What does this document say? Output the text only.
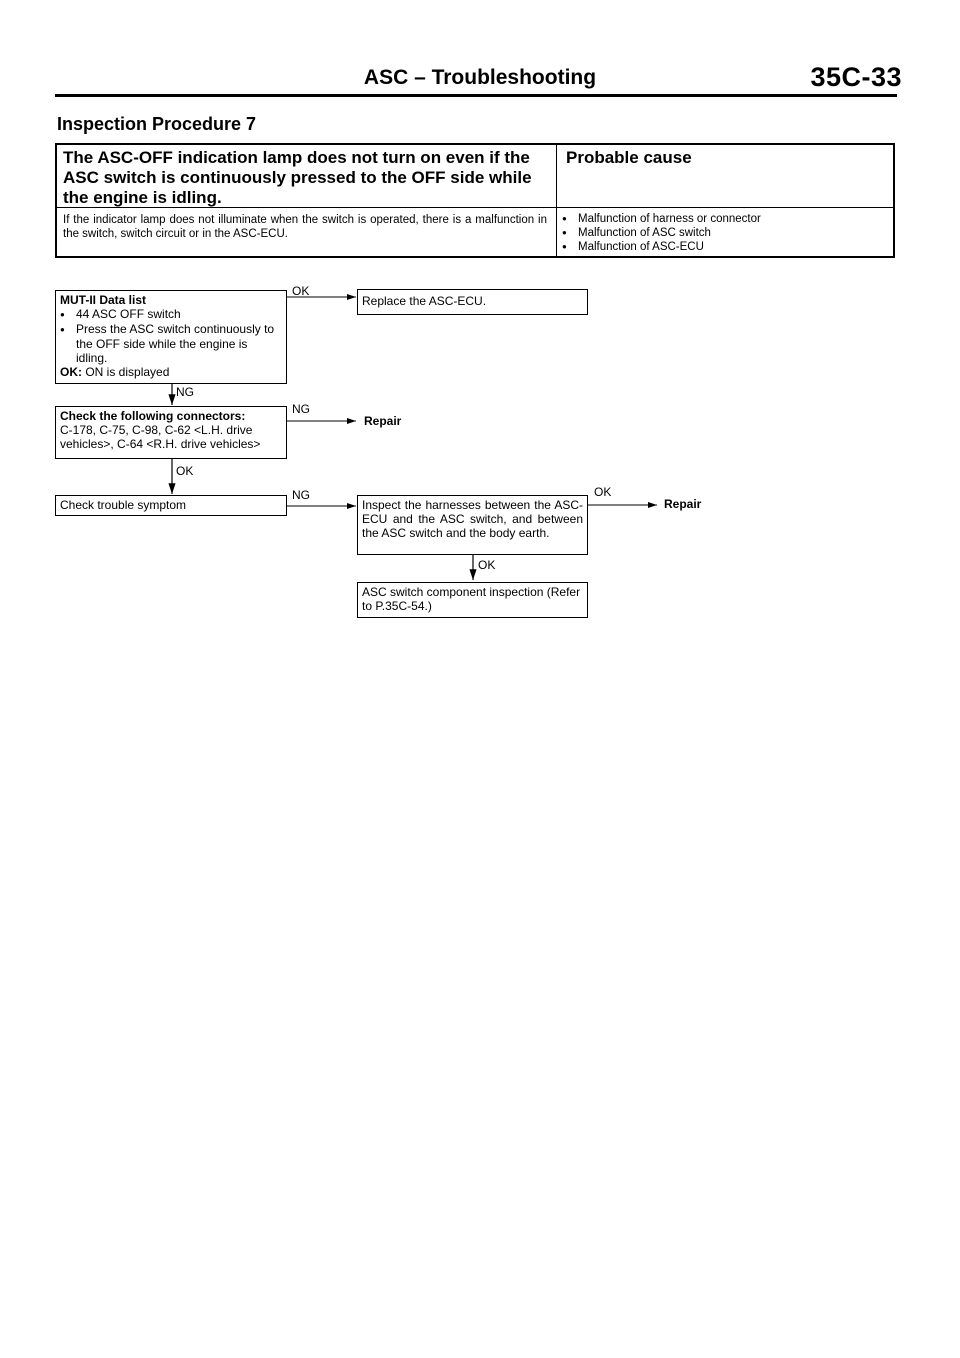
ASC – Troubleshooting	35C-33
Inspection Procedure 7
The ASC-OFF indication lamp does not turn on even if the ASC switch is continuously pressed to the OFF side while the engine is idling.
Probable cause
If the indicator lamp does not illuminate when the switch is operated, there is a malfunction in the switch, switch circuit or in the ASC-ECU.
● Malfunction of harness or connector
● Malfunction of ASC switch
● Malfunction of ASC-ECU
MUT-II Data list
● 44 ASC OFF switch
● Press the ASC switch continuously to the OFF side while the engine is idling.
OK: ON is displayed
OK
Replace the ASC-ECU.
NG
Check the following connectors:
C-178, C-75, C-98, C-62 <L.H. drive vehicles>, C-64 <R.H. drive vehicles>
NG
Repair
OK
Check trouble symptom
NG
Inspect the harnesses between the ASC-ECU and the ASC switch, and between the ASC switch and the body earth.
OK
Repair
OK
ASC switch component inspection (Refer to P.35C-54.)
